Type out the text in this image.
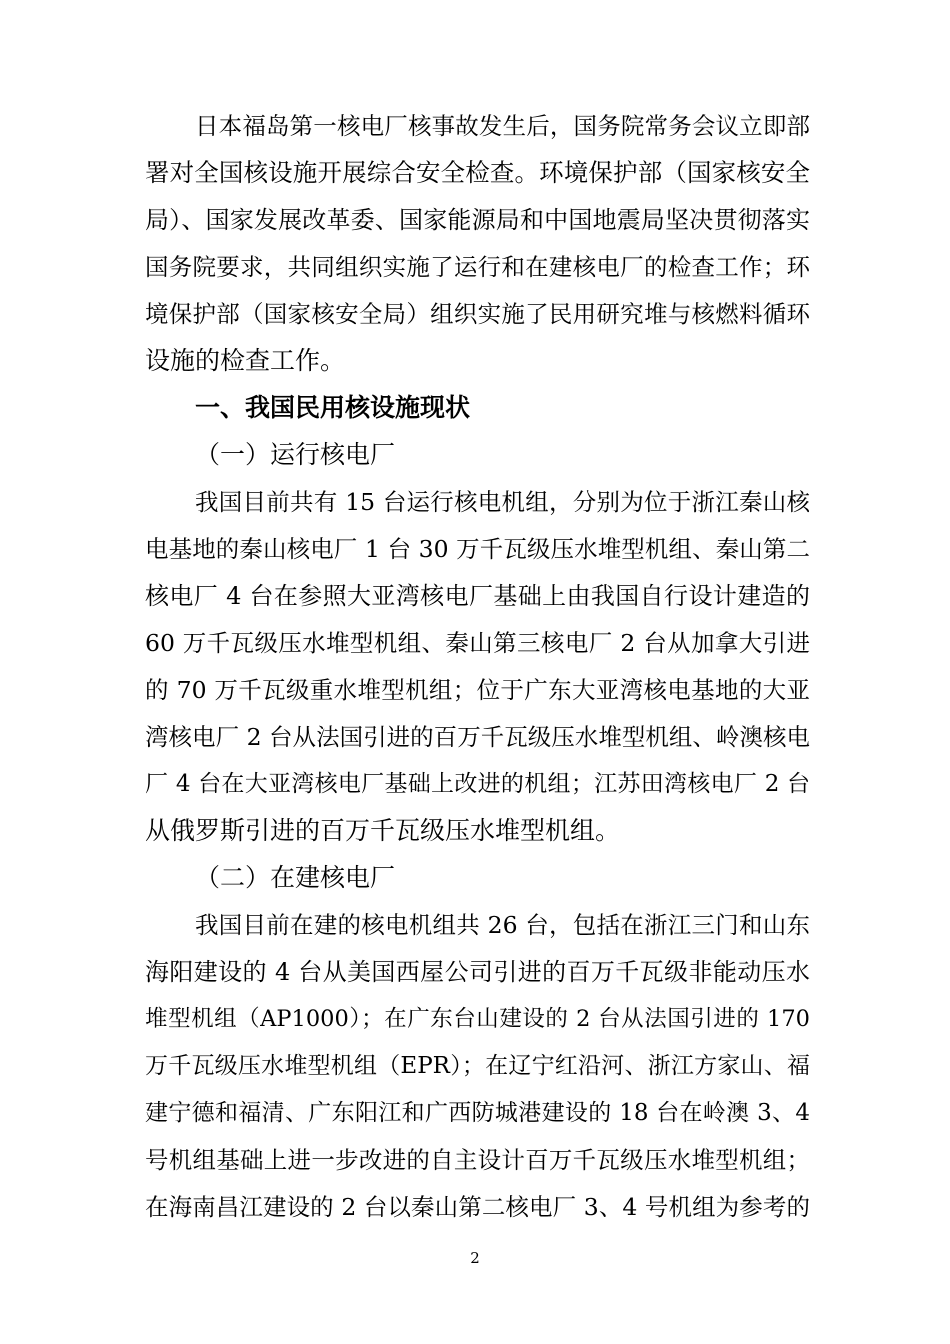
日本福岛第一核电厂核事故发生后，国务院常务会议立即部
署对全国核设施开展综合安全检查。环境保护部（国家核安全
局）、国家发展改革委、国家能源局和中国地震局坚决贯彻落实
国务院要求，共同组织实施了运行和在建核电厂的检查工作；环
境保护部（国家核安全局）组织实施了民用研究堆与核燃料循环
设施的检查工作。
一、我国民用核设施现状
（一）运行核电厂
我国目前共有 15 台运行核电机组，分别为位于浙江秦山核
电基地的秦山核电厂 1 台 30 万千瓦级压水堆型机组、秦山第二
核电厂 4 台在参照大亚湾核电厂基础上由我国自行设计建造的
60 万千瓦级压水堆型机组、秦山第三核电厂 2 台从加拿大引进
的 70 万千瓦级重水堆型机组；位于广东大亚湾核电基地的大亚
湾核电厂 2 台从法国引进的百万千瓦级压水堆型机组、岭澳核电
厂 4 台在大亚湾核电厂基础上改进的机组；江苏田湾核电厂 2 台
从俄罗斯引进的百万千瓦级压水堆型机组。
（二）在建核电厂
我国目前在建的核电机组共 26 台，包括在浙江三门和山东
海阳建设的 4 台从美国西屋公司引进的百万千瓦级非能动压水
堆型机组（AP1000）；在广东台山建设的 2 台从法国引进的 170
万千瓦级压水堆型机组（EPR）；在辽宁红沿河、浙江方家山、福
建宁德和福清、广东阳江和广西防城港建设的 18 台在岭澳 3、4
号机组基础上进一步改进的自主设计百万千瓦级压水堆型机组；
在海南昌江建设的 2 台以秦山第二核电厂 3、4 号机组为参考的
2
